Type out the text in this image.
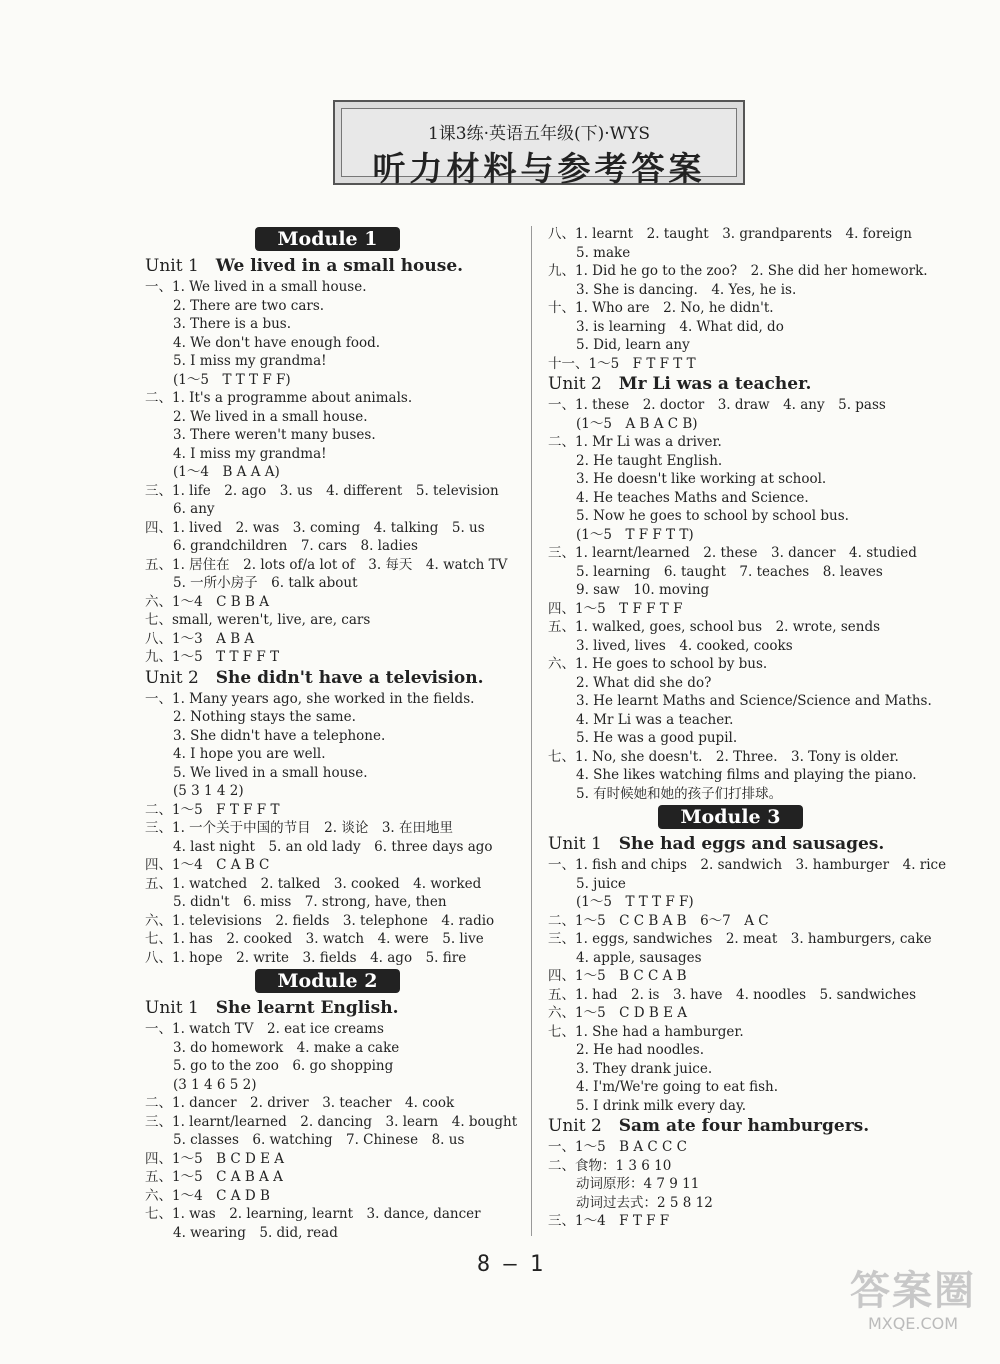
1课3练·英语五年级(下)·WYS
听力材料与参考答案
Module 1
Unit 1 We lived in a small house.
一、1. We lived in a small house.
2. There are two cars.
3. There is a bus.
4. We don't have enough food.
5. I miss my grandma!
(1～5　T T T F F)
二、1. It's a programme about animals.
2. We lived in a small house.
3. There weren't many buses.
4. I miss my grandma!
(1～4　B A A A)
三、1. life　2. ago　3. us　4. different　5. television
6. any
四、1. lived　2. was　3. coming　4. talking　5. us
6. grandchildren　7. cars　8. ladies
五、1. 居住在　2. lots of/a lot of　3. 每天　4. watch TV
5. 一所小房子　6. talk about
六、1～4　C B B A
七、small, weren't, live, are, cars
八、1～3　A B A
九、1～5　T T F F T
Unit 2 She didn't have a television.
一、1. Many years ago, she worked in the fields.
2. Nothing stays the same.
3. She didn't have a telephone.
4. I hope you are well.
5. We lived in a small house.
(5 3 1 4 2)
二、1～5　F T F F T
三、1. 一个关于中国的节目　2. 谈论　3. 在田地里
4. last night　5. an old lady　6. three days ago
四、1～4　C A B C
五、1. watched　2. talked　3. cooked　4. worked
5. didn't　6. miss　7. strong, have, then
六、1. televisions　2. fields　3. telephone　4. radio
七、1. has　2. cooked　3. watch　4. were　5. live
八、1. hope　2. write　3. fields　4. ago　5. fire
Module 2
Unit 1 She learnt English.
一、1. watch TV　2. eat ice creams
3. do homework　4. make a cake
5. go to the zoo　6. go shopping
(3 1 4 6 5 2)
二、1. dancer　2. driver　3. teacher　4. cook
三、1. learnt/learned　2. dancing　3. learn　4. bought
5. classes　6. watching　7. Chinese　8. us
四、1～5　B C D E A
五、1～5　C A B A A
六、1～4　C A D B
七、1. was　2. learning, learnt　3. dance, dancer
4. wearing　5. did, read
八、1. learnt　2. taught　3. grandparents　4. foreign
5. make
九、1. Did he go to the zoo?　2. She did her homework.
3. She is dancing.　4. Yes, he is.
十、1. Who are　2. No, he didn't.
3. is learning　4. What did, do
5. Did, learn any
十一、1～5　F T F T T
Unit 2 Mr Li was a teacher.
一、1. these　2. doctor　3. draw　4. any　5. pass
(1～5　A B A C B)
二、1. Mr Li was a driver.
2. He taught English.
3. He doesn't like working at school.
4. He teaches Maths and Science.
5. Now he goes to school by school bus.
(1～5　T F F T T)
三、1. learnt/learned　2. these　3. dancer　4. studied
5. learning　6. taught　7. teaches　8. leaves
9. saw　10. moving
四、1～5　T F F T F
五、1. walked, goes, school bus　2. wrote, sends
3. lived, lives　4. cooked, cooks
六、1. He goes to school by bus.
2. What did she do?
3. He learnt Maths and Science/Science and Maths.
4. Mr Li was a teacher.
5. He was a good pupil.
七、1. No, she doesn't.　2. Three.　3. Tony is older.
4. She likes watching films and playing the piano.
5. 有时候她和她的孩子们打排球。
Module 3
Unit 1 She had eggs and sausages.
一、1. fish and chips　2. sandwich　3. hamburger　4. rice
5. juice
(1～5　T T T F F)
二、1～5　C C B A B　6～7　A C
三、1. eggs, sandwiches　2. meat　3. hamburgers, cake
4. apple, sausages
四、1～5　B C C A B
五、1. had　2. is　3. have　4. noodles　5. sandwiches
六、1～5　C D B E A
七、1. She had a hamburger.
2. He had noodles.
3. They drank juice.
4. I'm/We're going to eat fish.
5. I drink milk every day.
Unit 2 Sam ate four hamburgers.
一、1～5　B A C C C
二、食物：1 3 6 10
动词原形：4 7 9 11
动词过去式：2 5 8 12
三、1～4　F T F F
8 — 1
答案圈
MXQE.COM
